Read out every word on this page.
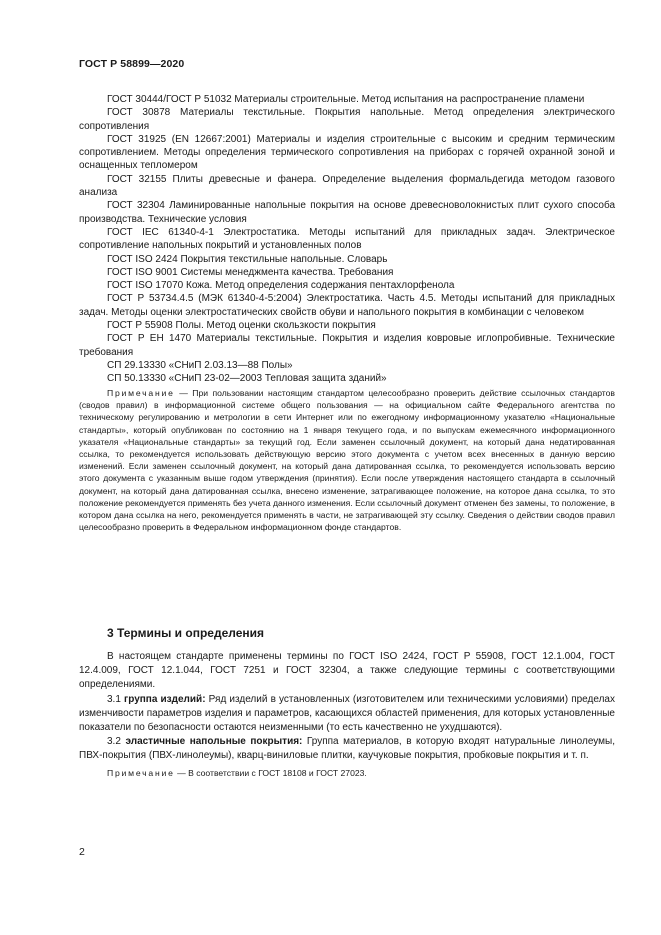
ГОСТ Р 58899—2020

ГОСТ 30444/ГОСТ Р 51032 Материалы строительные. Метод испытания на распространение пламени

ГОСТ 30878 Материалы текстильные. Покрытия напольные. Метод определения электрического сопротивления

ГОСТ 31925 (EN 12667:2001) Материалы и изделия строительные с высоким и средним термическим сопротивлением. Методы определения термического сопротивления на приборах с горячей охранной зоной и оснащенных тепломером

ГОСТ 32155 Плиты древесные и фанера. Определение выделения формальдегида методом газового анализа

ГОСТ 32304 Ламинированные напольные покрытия на основе древесноволокнистых плит сухого способа производства. Технические условия

ГОСТ IEC 61340-4-1 Электростатика. Методы испытаний для прикладных задач. Электрическое сопротивление напольных покрытий и установленных полов

ГОСТ ISO 2424 Покрытия текстильные напольные. Словарь

ГОСТ ISO 9001 Системы менеджмента качества. Требования

ГОСТ ISO 17070 Кожа. Метод определения содержания пентахлорфенола

ГОСТ Р 53734.4.5 (МЭК 61340-4-5:2004) Электростатика. Часть 4.5. Методы испытаний для прикладных задач. Методы оценки электростатических свойств обуви и напольного покрытия в комбинации с человеком

ГОСТ Р 55908 Полы. Метод оценки скользкости покрытия

ГОСТ Р ЕН 1470 Материалы текстильные. Покрытия и изделия ковровые иглопробивные. Технические требования

СП 29.13330 «СНиП 2.03.13—88 Полы»

СП 50.13330 «СНиП 23-02—2003 Тепловая защита зданий»

Примечание — При пользовании настоящим стандартом целесообразно проверить действие ссылочных стандартов (сводов правил) в информационной системе общего пользования — на официальном сайте Федерального агентства по техническому регулированию и метрологии в сети Интернет или по ежегодному информационному указателю «Национальные стандарты», который опубликован по состоянию на 1 января текущего года, и по выпускам ежемесячного информационного указателя «Национальные стандарты» за текущий год. Если заменен ссылочный документ, на который дана недатированная ссылка, то рекомендуется использовать действующую версию этого документа с учетом всех внесенных в данную версию изменений. Если заменен ссылочный документ, на который дана датированная ссылка, то рекомендуется использовать версию этого документа с указанным выше годом утверждения (принятия). Если после утверждения настоящего стандарта в ссылочный документ, на который дана датированная ссылка, внесено изменение, затрагивающее положение, на которое дана ссылка, то это положение рекомендуется применять без учета данного изменения. Если ссылочный документ отменен без замены, то положение, в котором дана ссылка на него, рекомендуется применять в части, не затрагивающей эту ссылку. Сведения о действии сводов правил целесообразно проверить в Федеральном информационном фонде стандартов.

3 Термины и определения

В настоящем стандарте применены термины по ГОСТ ISO 2424, ГОСТ Р 55908, ГОСТ 12.1.004, ГОСТ 12.4.009, ГОСТ 12.1.044, ГОСТ 7251 и ГОСТ 32304, а также следующие термины с соответствующими определениями.

3.1 группа изделий: Ряд изделий в установленных (изготовителем или техническими условиями) пределах изменчивости параметров изделия и параметров, касающихся областей применения, для которых установленные показатели по безопасности остаются неизменными (то есть качественно не ухудшаются).

3.2 эластичные напольные покрытия: Группа материалов, в которую входят натуральные линолеумы, ПВХ-покрытия (ПВХ-линолеумы), кварц-виниловые плитки, каучуковые покрытия, пробковые покрытия и т. п.

Примечание — В соответствии с ГОСТ 18108 и ГОСТ 27023.

2
